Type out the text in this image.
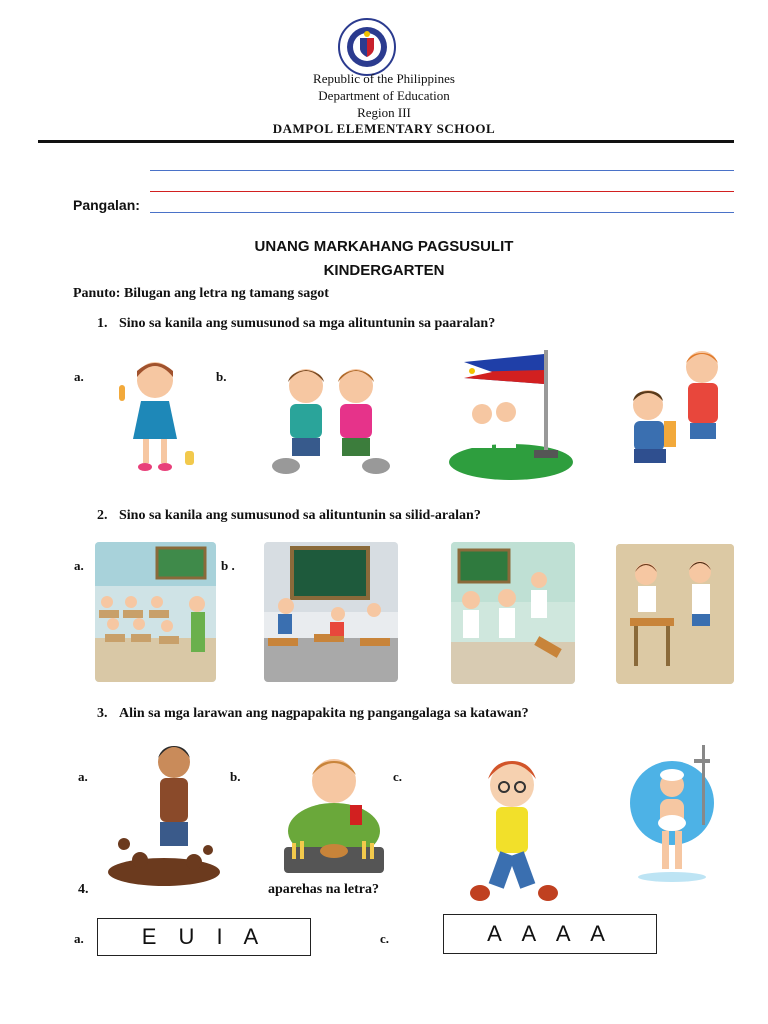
Republic of the Philippines
Department of Education
Region III
DAMPOL ELEMENTARY SCHOOL
Pangalan:
UNANG MARKAHANG PAGSUSULIT
KINDERGARTEN
Panuto: Bilugan ang letra ng tamang sagot
1. Sino sa kanila ang sumusunod sa mga alituntunin sa paaralan?
a.	b.
2. Sino sa kanila ang sumusunod sa alituntunin sa silid-aralan?
a.	b .
3. Alin sa mga larawan ang nagpapakita ng pangangalaga sa katawan?
a.	b.	c.
4.	aparehas na letra?
a.	E U I A	c.	A A A A
